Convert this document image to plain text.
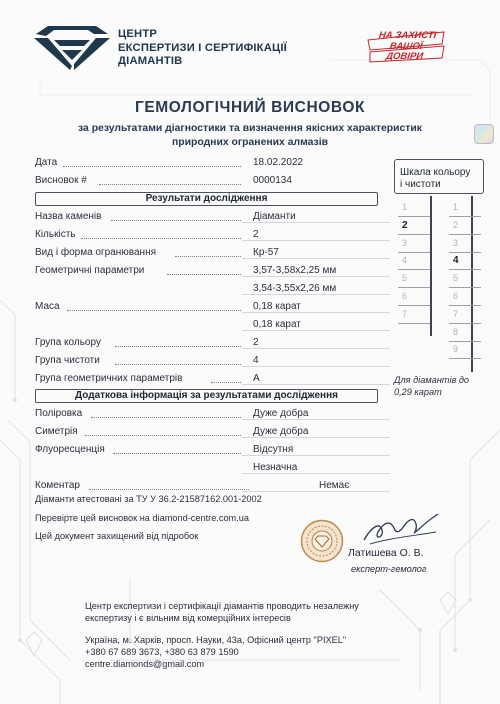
ЦЕНТР
ЕКСПЕРТИЗИ І СЕРТИФІКАЦІЇ
ДІАМАНТІВ
НА ЗАХИСТІ
ВАШОЇ
ДОВІРИ
ГЕМОЛОГІЧНИЙ ВИСНОВОК
за результатами діагностики та визначення якісних характеристик
природних огранених алмазів
Дата	18.02.2022
Висновок #	0000134
Результати дослідження
Назва каменів	Діаманти
Кількість	2
Вид і форма огранювання	Кр-57
Геометричні параметри	3,57-3,58х2,25 мм
3,54-3,55х2,26 мм
Маса	0,18 карат
0,18 карат
Група кольору	2
Група чистоти	4
Група геометричних параметрів	А
Додаткова інформація за результатами дослідження
Поліровка	Дуже добра
Симетрія	Дуже добра
Флуоресценція	Відсутня
Незначна
Коментар	Немає
Діаманти атестовані за ТУ У 36.2-21587162.001-2002
Перевірте цей висновок на diamond-centre.com.ua
Цей документ захищений від підробок
Шкала кольору
і чистоти
1
2
3
4
5
6
7
1
2
3
4
5
6
7
8
9
Для діамантів до
0,29 карат
Латишева О. В.
експерт-гемолог
Центр експертизи і сертифікації діамантів проводить незалежну
експертизу і є вільним від комерційних інтересів
Україна, м. Харків, просп. Науки, 43а, Офісний центр "PIXEL"
+380 67 689 3673, +380 63 879 1590
centre.diamonds@gmail.com
